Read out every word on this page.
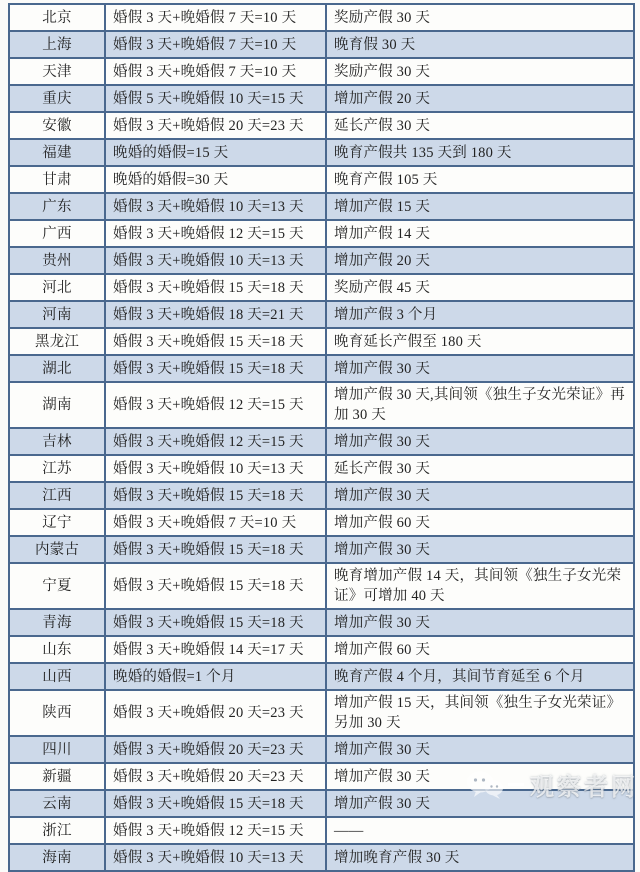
北京	婚假 3 天+晚婚假 7 天=10 天	奖励产假 30 天
上海	婚假 3 天+晚婚假 7 天=10 天	晚育假 30 天
天津	婚假 3 天+晚婚假 7 天=10 天	奖励产假 30 天
重庆	婚假 5 天+晚婚假 10 天=15 天	增加产假 20 天
安徽	婚假 3 天+晚婚假 20 天=23 天	延长产假 30 天
福建	晚婚的婚假=15 天	晚育产假共 135 天到 180 天
甘肃	晚婚的婚假=30 天	晚育产假 105 天
广东	婚假 3 天+晚婚假 10 天=13 天	增加产假 15 天
广西	婚假 3 天+晚婚假 12 天=15 天	增加产假 14 天
贵州	婚假 3 天+晚婚假 10 天=13 天	增加产假 20 天
河北	婚假 3 天+晚婚假 15 天=18 天	奖励产假 45 天
河南	婚假 3 天+晚婚假 18 天=21 天	增加产假 3 个月
黑龙江	婚假 3 天+晚婚假 15 天=18 天	晚育延长产假至 180 天
湖北	婚假 3 天+晚婚假 15 天=18 天	增加产假 30 天
湖南	婚假 3 天+晚婚假 12 天=15 天	增加产假 30 天,其间领《独生子女光荣证》再加 30 天
吉林	婚假 3 天+晚婚假 12 天=15 天	增加产假 30 天
江苏	婚假 3 天+晚婚假 10 天=13 天	延长产假 30 天
江西	婚假 3 天+晚婚假 15 天=18 天	增加产假 30 天
辽宁	婚假 3 天+晚婚假 7 天=10 天	增加产假 60 天
内蒙古	婚假 3 天+晚婚假 15 天=18 天	增加产假 30 天
宁夏	婚假 3 天+晚婚假 15 天=18 天	晚育增加产假 14 天，其间领《独生子女光荣证》可增加 40 天
青海	婚假 3 天+晚婚假 15 天=18 天	增加产假 30 天
山东	婚假 3 天+晚婚假 14 天=17 天	增加产假 60 天
山西	晚婚的婚假=1 个月	晚育产假 4 个月，其间节育延至 6 个月
陕西	婚假 3 天+晚婚假 20 天=23 天	增加产假 15 天，其间领《独生子女光荣证》另加 30 天
四川	婚假 3 天+晚婚假 20 天=23 天	增加产假 30 天
新疆	婚假 3 天+晚婚假 20 天=23 天	增加产假 30 天
云南	婚假 3 天+晚婚假 15 天=18 天	增加产假 30 天
浙江	婚假 3 天+晚婚假 12 天=15 天	——
海南	婚假 3 天+晚婚假 10 天=13 天	增加晚育产假 30 天
观察者网
